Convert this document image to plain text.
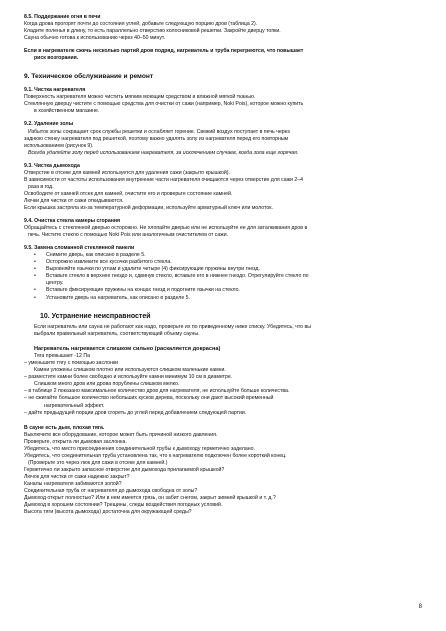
8.5. Поддержание огня в печи

Когда дрова прогорят почти до состояния углей, добавьте следующую порцию дров (таблица 2).

Кладите поленья в длину, то есть параллельно отверстию колосниковой решетки. Закройте дверцу топки.

Сауна обычно готова к использованию через 40–50 минут.

Если в нагревателе сжечь несколько партий дров подряд, нагреватель и труба перегреются, что повышает

риск возгорания.

9. Техническое обслуживание и ремонт

9.1. Чистка нагревателя

Поверхность нагревателя можно чистить мягким моющим средством и влажной мягкой тканью.

Стеклянную дверцу чистите с помощью средства для очистки от сажи (например, Noki Pois), которое можно купить

в хозяйственном магазине.

9.2. Удаление золы

Избыток золы сокращает срок службы решетки и ослабляет горение. Свежий воздух поступает в печь через

заднюю стенку нагревателя под решеткой, поэтому важно удалять золу из нагревателя перед его повторным

использованием (рисунок 9).

Всегда удаляйте золу перед использованием нагревателя, за исключением случаев, когда зола еще горячая.

9.3. Чистка дымохода

Отверстие в отсеке для камней используется для удаления сажи (закрыто крышкой).

В зависимости от частоты использования внутренние части нагревателя очищаются через отверстие для сажи 2–4

раза в год.

Освободите от камней отсек для камней, очистите его и проверьте состояние камней.

Лючки для чистки от сажи откидываются.

Если крышка застряла из-за температурной деформации, используйте арматурный ключ или молоток.

9.4. Очистка стекла камеры сгорания

Обращайтесь с стеклянной дверью осторожно. Не хлопайте дверью или не используйте ее для заталкивания дров в

печь. Чистите стекло с помощью Noki Pois или аналогичным очистителем от сажи.

9.5. Замена сломанной стеклянной панели

• Снимите дверь, как описано в разделе 5.
• Осторожно извлеките все кусочки разбитого стекла.
• Выровняйте язычки по углам и удалите четыре (4) фиксирующие пружины внутри гнезд.
• Вставьте стекло в верхнее гнездо и, сдвинув стекло, вставьте его в нижнее гнездо. Отрегулируйте стекло по

центру.

• Вставьте фиксирующие пружины на концах гнезд и подогните язычки на стекло.
• Установите дверь на нагреватель, как описано в разделе 5.

10. Устранение неисправностей

Если нагреватель или сауна не работают как надо, проверьте их по приведенному ниже списку. Убедитесь, что вы

выбрали правильный нагреватель, соответствующий объему сауны.

Нагреватель нагревается слишком сильно (раскаляется докрасна)

Тяга превышает -12 Па

– уменьшите тягу с помощью заслонки

Камни уложены слишком плотно или используются слишком маленькие камни.

– разместите камни более свободно и используйте камни минимум 10 см в диаметре.

Слишком много дров или дрова порублены слишком мелко.

– в таблице 2 показано максимальное количество дров для нагревателя, не используйте больше количества.

– не сжигайте большое количество небольших кусков дерева, поскольку они дают высокий временный

нагревательный эффект.

– дайте предыдущей порции дров сгореть до углей перед добавлением следующей партии.

В сауне есть дым, плохая тяга.

Выключите все оборудование, которое может быть причиной низкого давления.

Проверьте, открыта ли дымовая заслонка.

Убедитесь, что место присоединения соединительной трубы к дымоходу герметично заделано.

Убедитесь, что соединительная труба установлена так, что к нагревателю подключен более короткий конец.

(Проверьте это через люк для сажи в отсеке для камней.)

Герметично ли закрыто запасное отверстие для дымохода прилагаемой крышкой?

Лючок для чистки от сажи надежно закрыт?

Каналы нагревателя забиваются золой?

Соединительная труба от нагревателя до дымохода свободна от золы?

Дымоход открыт полностью? Или в нем имеется грязь, он забит снегом, закрыт зимней крышкой и т. д.?

Дымоход в хорошем состоянии? Трещины, следы воздействия погодных условий.

Высота тяги (высота дымохода) достаточна для окружающей среды?

8
